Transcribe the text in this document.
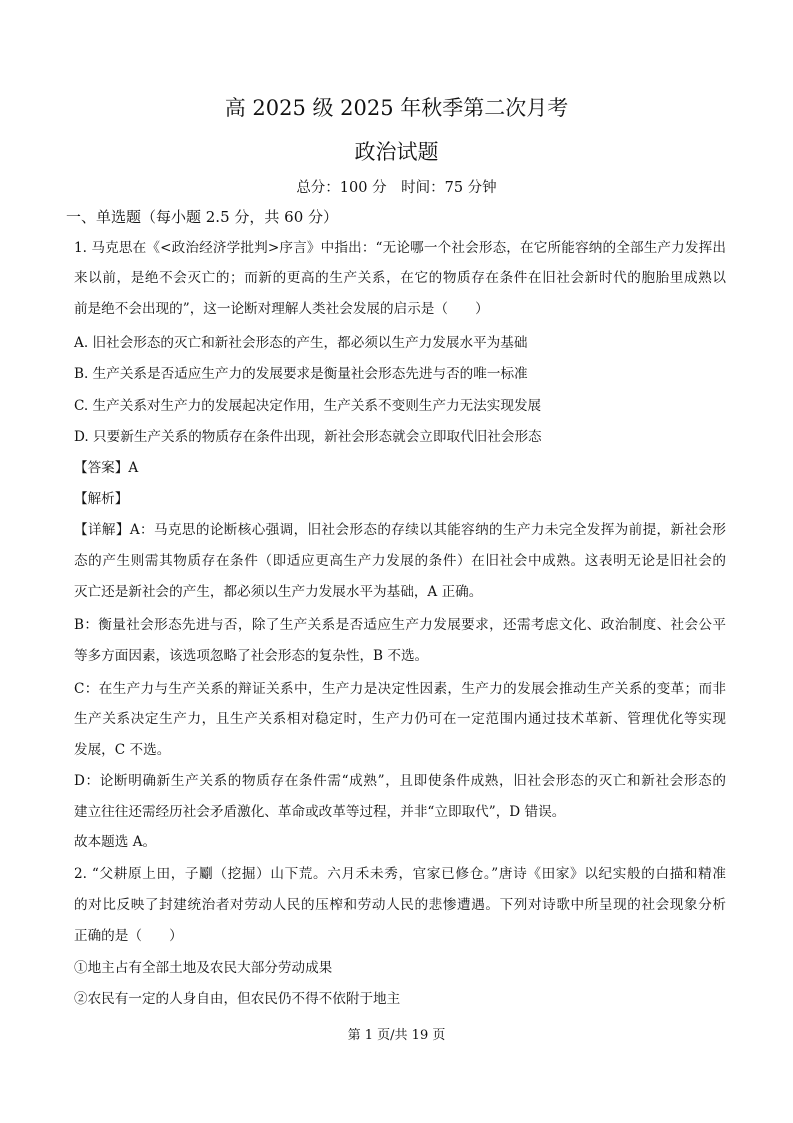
高 2025 级 2025 年秋季第二次月考
政治试题
总分：100 分　时间：75 分钟
一、单选题（每小题 2.5 分，共 60 分）
1. 马克思在《<政治经济学批判>序言》中指出：“无论哪一个社会形态，在它所能容纳的全部生产力发挥出
来以前，是绝不会灭亡的；而新的更高的生产关系，在它的物质存在条件在旧社会新时代的胞胎里成熟以
前是绝不会出现的”，这一论断对理解人类社会发展的启示是（　　）
A. 旧社会形态的灭亡和新社会形态的产生，都必须以生产力发展水平为基础
B. 生产关系是否适应生产力的发展要求是衡量社会形态先进与否的唯一标准
C. 生产关系对生产力的发展起决定作用，生产关系不变则生产力无法实现发展
D. 只要新生产关系的物质存在条件出现，新社会形态就会立即取代旧社会形态
【答案】A
【解析】
【详解】A：马克思的论断核心强调，旧社会形态的存续以其能容纳的生产力未完全发挥为前提，新社会形
态的产生则需其物质存在条件（即适应更高生产力发展的条件）在旧社会中成熟。这表明无论是旧社会的
灭亡还是新社会的产生，都必须以生产力发展水平为基础，A 正确。
B：衡量社会形态先进与否，除了生产关系是否适应生产力发展要求，还需考虑文化、政治制度、社会公平
等多方面因素，该选项忽略了社会形态的复杂性，B 不选。
C：在生产力与生产关系的辩证关系中，生产力是决定性因素，生产力的发展会推动生产关系的变革；而非
生产关系决定生产力，且生产关系相对稳定时，生产力仍可在一定范围内通过技术革新、管理优化等实现
发展，C 不选。
D：论断明确新生产关系的物质存在条件需“成熟”，且即使条件成熟，旧社会形态的灭亡和新社会形态的
建立往往还需经历社会矛盾激化、革命或改革等过程，并非“立即取代”，D 错误。
故本题选 A。
2. “父耕原上田，子劚（挖掘）山下荒。六月禾未秀，官家已修仓。”唐诗《田家》以纪实般的白描和精准
的对比反映了封建统治者对劳动人民的压榨和劳动人民的悲惨遭遇。下列对诗歌中所呈现的社会现象分析
正确的是（　　）
①地主占有全部土地及农民大部分劳动成果
②农民有一定的人身自由，但农民仍不得不依附于地主
第 1 页/共 19 页
